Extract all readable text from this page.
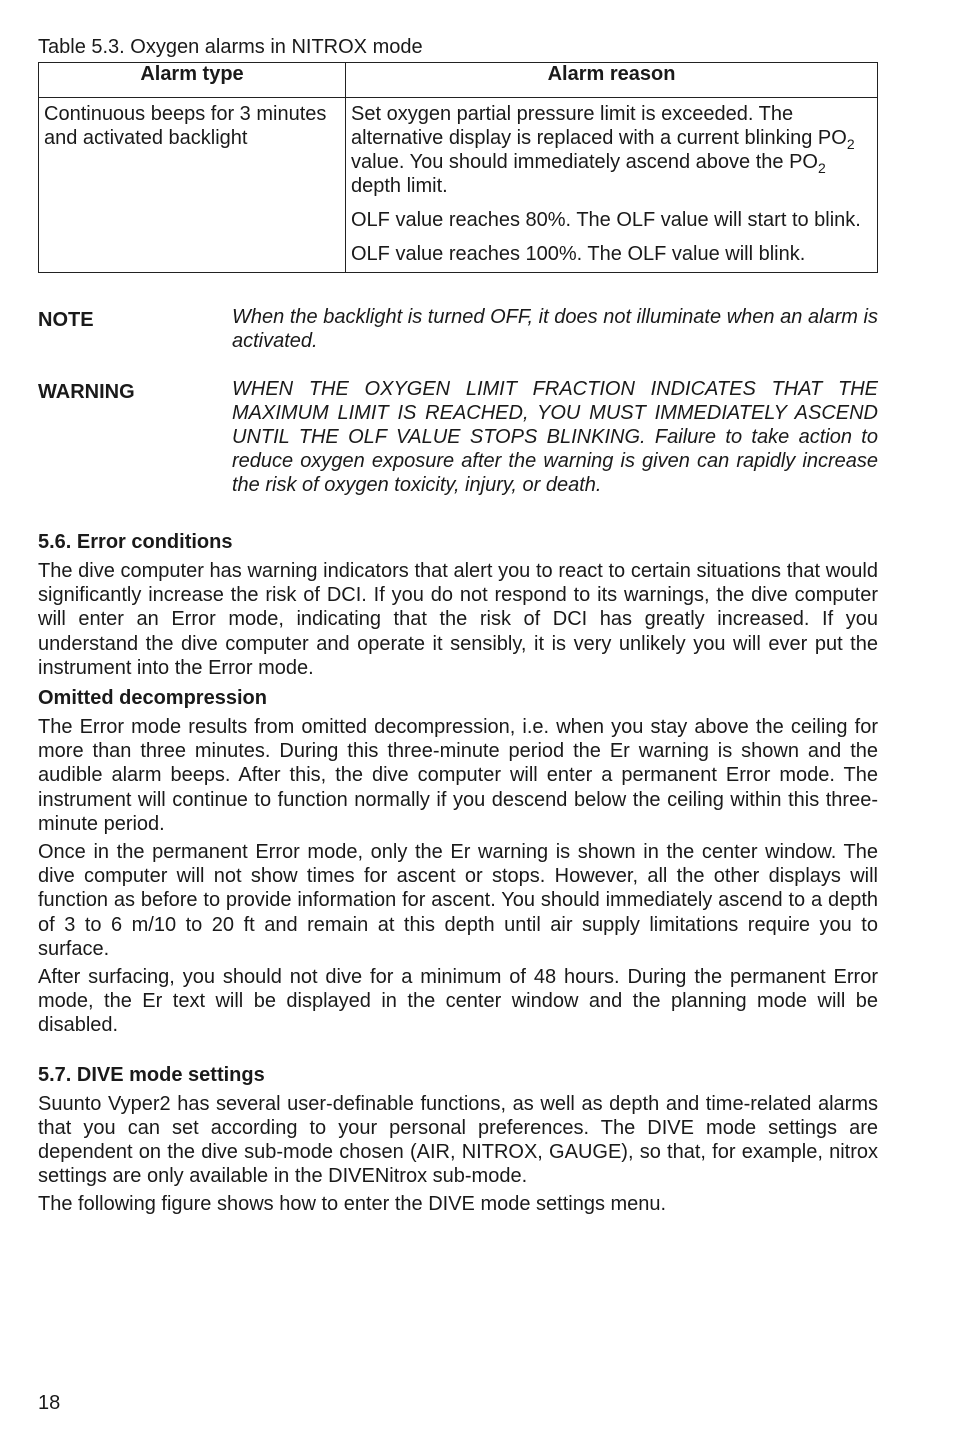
Table 5.3. Oxygen alarms in NITROX mode
Alarm type	Alarm reason
Continuous beeps for 3 minutes and activated backlight	Set oxygen partial pressure limit is exceeded. The alternative display is replaced with a current blinking $PO_2$ value. You should immediately ascend above the $PO_2$ depth limit.

OLF value reaches 80%. The OLF value will start to blink.

OLF value reaches 100%. The OLF value will blink.

NOTE	When the backlight is turned OFF, it does not illuminate when an alarm is activated.
WARNING	WHEN THE OXYGEN LIMIT FRACTION INDICATES THAT THE MAXIMUM LIMIT IS REACHED, YOU MUST IMMEDIATELY ASCEND UNTIL THE OLF VALUE STOPS BLINKING. Failure to take action to reduce oxygen exposure after the warning is given can rapidly increase the risk of oxygen toxicity, injury, or death.
5.6. Error conditions

The dive computer has warning indicators that alert you to react to certain situations that would significantly increase the risk of DCI. If you do not respond to its warnings, the dive computer will enter an Error mode, indicating that the risk of DCI has greatly increased. If you understand the dive computer and operate it sensibly, it is very unlikely you will ever put the instrument into the Error mode.

Omitted decompression

The Error mode results from omitted decompression, i.e. when you stay above the ceiling for more than three minutes. During this three-minute period the Er warning is shown and the audible alarm beeps. After this, the dive computer will enter a permanent Error mode. The instrument will continue to function normally if you descend below the ceiling within this three-minute period.

Once in the permanent Error mode, only the Er warning is shown in the center window. The dive computer will not show times for ascent or stops. However, all the other displays will function as before to provide information for ascent. You should immediately ascend to a depth of 3 to 6 m/10 to 20 ft and remain at this depth until air supply limitations require you to surface.

After surfacing, you should not dive for a minimum of 48 hours. During the permanent Error mode, the Er text will be displayed in the center window and the planning mode will be disabled.

5.7. DIVE mode settings

Suunto Vyper2 has several user-definable functions, as well as depth and time-related alarms that you can set according to your personal preferences. The DIVE mode settings are dependent on the dive sub-mode chosen (AIR, NITROX, GAUGE), so that, for example, nitrox settings are only available in the DIVENitrox sub-mode.

The following figure shows how to enter the DIVE mode settings menu.

18
